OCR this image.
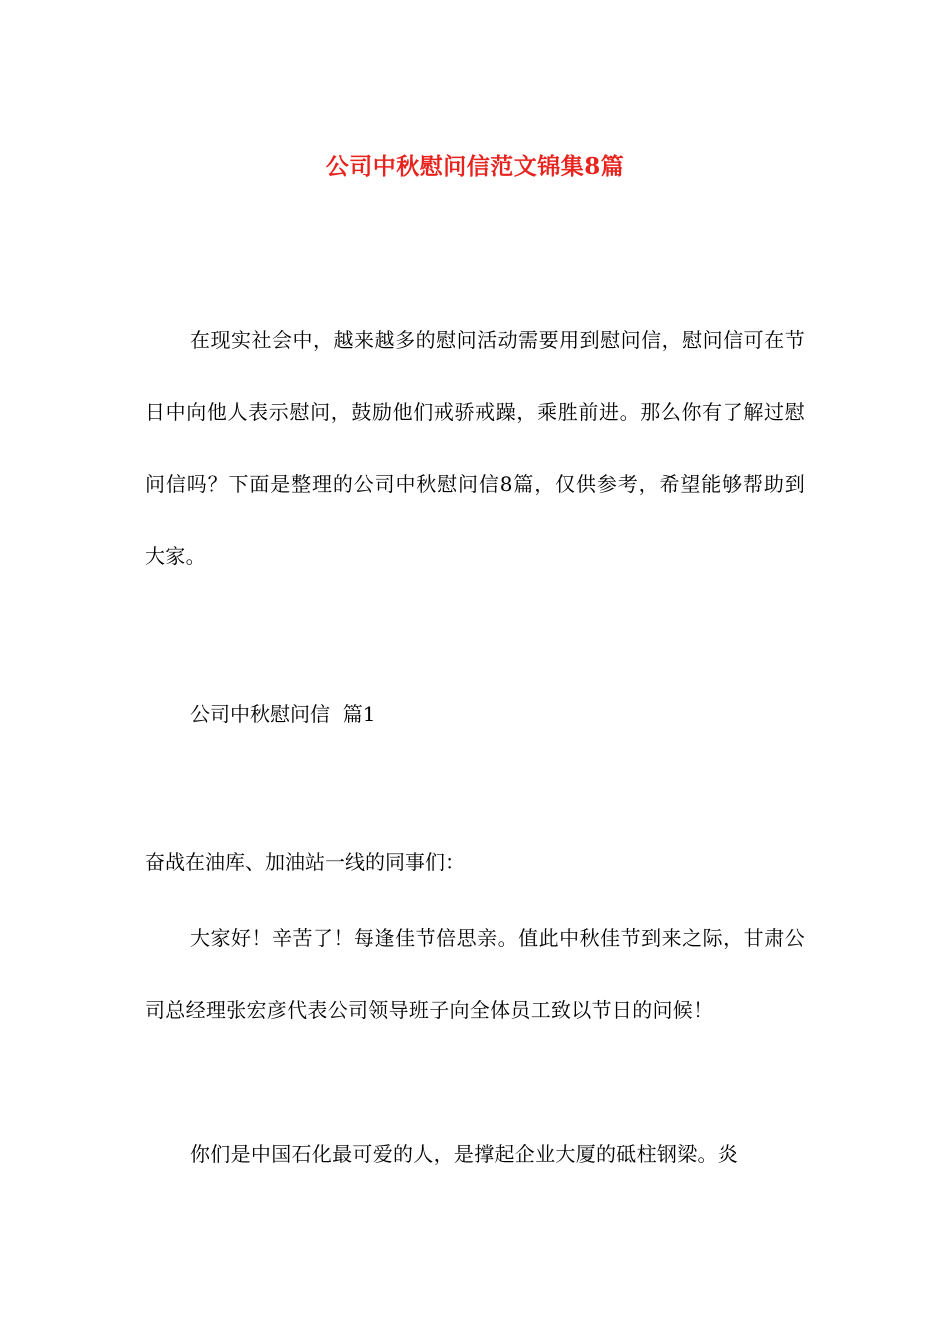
公司中秋慰问信范文锦集8篇

在现实社会中，越来越多的慰问活动需要用到慰问信，慰问信可在节日中向他人表示慰问，鼓励他们戒骄戒躁，乘胜前进。那么你有了解过慰问信吗？下面是整理的公司中秋慰问信8篇，仅供参考，希望能够帮助到大家。

公司中秋慰问信  篇1

奋战在油库、加油站一线的同事们：

大家好！辛苦了！每逢佳节倍思亲。值此中秋佳节到来之际，甘肃公司总经理张宏彦代表公司领导班子向全体员工致以节日的问候！

你们是中国石化最可爱的人，是撑起企业大厦的砥柱钢梁。炎
